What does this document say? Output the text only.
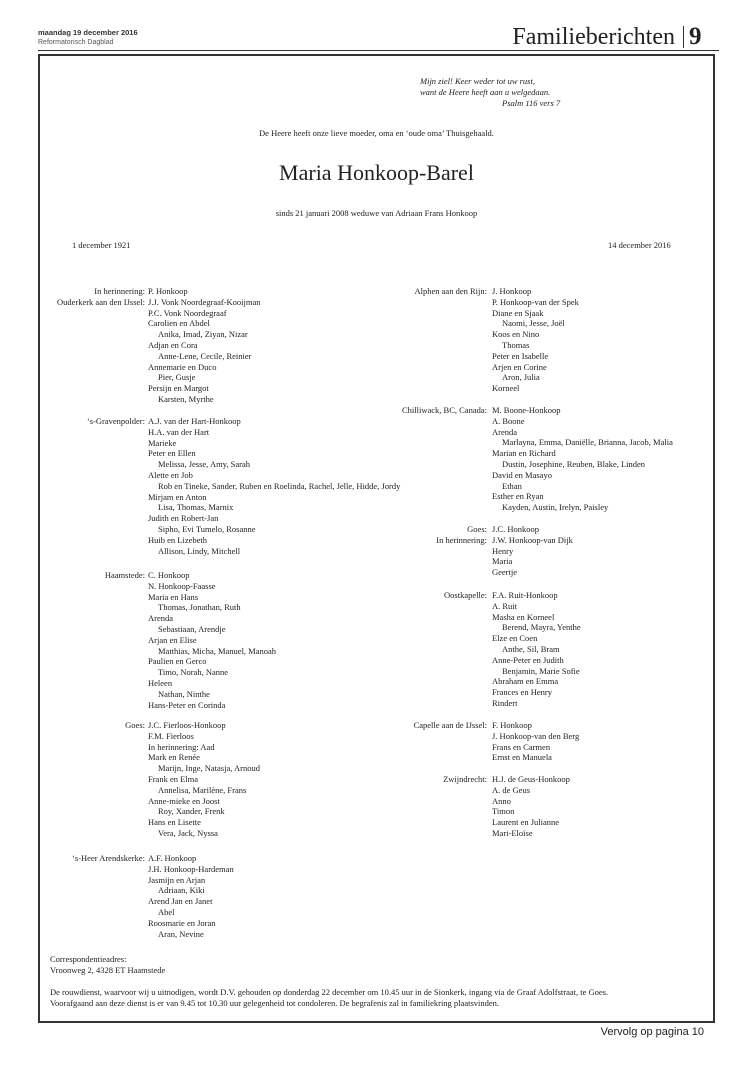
maandag 19 december 2016
Reformatorisch Dagblad	Familieberichten 9
Mijn ziel! Keer weder tot uw rust,
want de Heere heeft aan u welgedaan.
Psalm 116 vers 7
De Heere heeft onze lieve moeder, oma en ‘oude oma’ Thuisgehaald.
Maria Honkoop-Barel
sinds 21 januari 2008 weduwe van Adriaan Frans Honkoop
1 december 1921	14 december 2016
In herinnering:
Ouderkerk aan den IJssel:
P. Honkoop
J.J. Vonk Noordegraaf-Kooijman
P.C. Vonk Noordegraaf
Carolien en Abdel
Anika, Imad, Ziyan, Nizar
Adjan en Cora
Anne-Lene, Cecile, Reinier
Annemarie en Duco
Pier, Gusje
Persijn en Margot
Karsten, Myrthe
‘s-Gravenpolder: A.J. van der Hart-Honkoop
H.A. van der Hart
Marieke
Peter en Ellen
Melissa, Jesse, Amy, Sarah
Alette en Job
Rob en Tineke, Sander, Ruben en Roelinda, Rachel, Jelle, Hidde, Jordy
Mirjam en Anton
Lisa, Thomas, Marnix
Judith en Robert-Jan
Sipho, Evi Tumelo, Rosanne
Huib en Lizebeth
Allison, Lindy, Mitchell
Haamstede: C. Honkoop
N. Honkoop-Faasse
Maria en Hans
Thomas, Jonathan, Ruth
Arenda
Sebastiaan, Arendje
Arjan en Elise
Matthias, Micha, Manuel, Manoah
Paulien en Gerco
Timo, Norah, Nanne
Heleen
Nathan, Ninthe
Hans-Peter en Corinda
Goes: J.C. Fierloos-Honkoop
F.M. Fierloos
In herinnering: Aad
Mark en Renée
Marijn, Inge, Natasja, Arnoud
Frank en Elma
Annelisa, Marilène, Frans
Anne-mieke en Joost
Roy, Xander, Frenk
Hans en Lisette
Vera, Jack, Nyssa
‘s-Heer Arendskerke: A.F. Honkoop
J.H. Honkoop-Hardeman
Jasmijn en Arjan
Adriaan, Kiki
Arend Jan en Janet
Abel
Roosmarie en Joran
Aran, Nevine
Alphen aan den Rijn: J. Honkoop
P. Honkoop-van der Spek
Diane en Sjaak
Naomi, Jesse, Joël
Koos en Nino
Thomas
Peter en Isabelle
Arjen en Corine
Aron, Julia
Korneel
Chilliwack, BC, Canada: M. Boone-Honkoop
A. Boone
Arenda
Marlayna, Emma, Daniëlle, Brianna, Jacob, Malia
Marian en Richard
Dustin, Josephine, Reuben, Blake, Linden
David en Masayo
Ethan
Esther en Ryan
Kayden, Austin, Irelyn, Paisley
Goes:
In herinnering:
J.C. Honkoop
J.W. Honkoop-van Dijk
Henry
Maria
Geertje
Oostkapelle: F.A. Ruit-Honkoop
A. Ruit
Masha en Korneel
Berend, Mayra, Yenthe
Elze en Coen
Anthe, Sil, Bram
Anne-Peter en Judith
Benjamin, Marie Sofie
Abraham en Emma
Frances en Henry
Rindert
Capelle aan de IJssel: F. Honkoop
J. Honkoop-van den Berg
Frans en Carmen
Ernst en Manuela
Zwijndrecht: H.J. de Geus-Honkoop
A. de Geus
Anno
Timon
Laurent en Julianne
Mari-Eloïse
Correspondentieadres:
Vroonweg 2, 4328 ET Haamstede
De rouwdienst, waarvoor wij u uitnodigen, wordt D.V. gehouden op donderdag 22 december om 10.45 uur in de Sionkerk, ingang via de Graaf Adolfstraat, te Goes.
Voorafgaand aan deze dienst is er van 9.45 tot 10.30 uur gelegenheid tot condoleren. De begrafenis zal in familiekring plaatsvinden.
Vervolg op pagina 10
